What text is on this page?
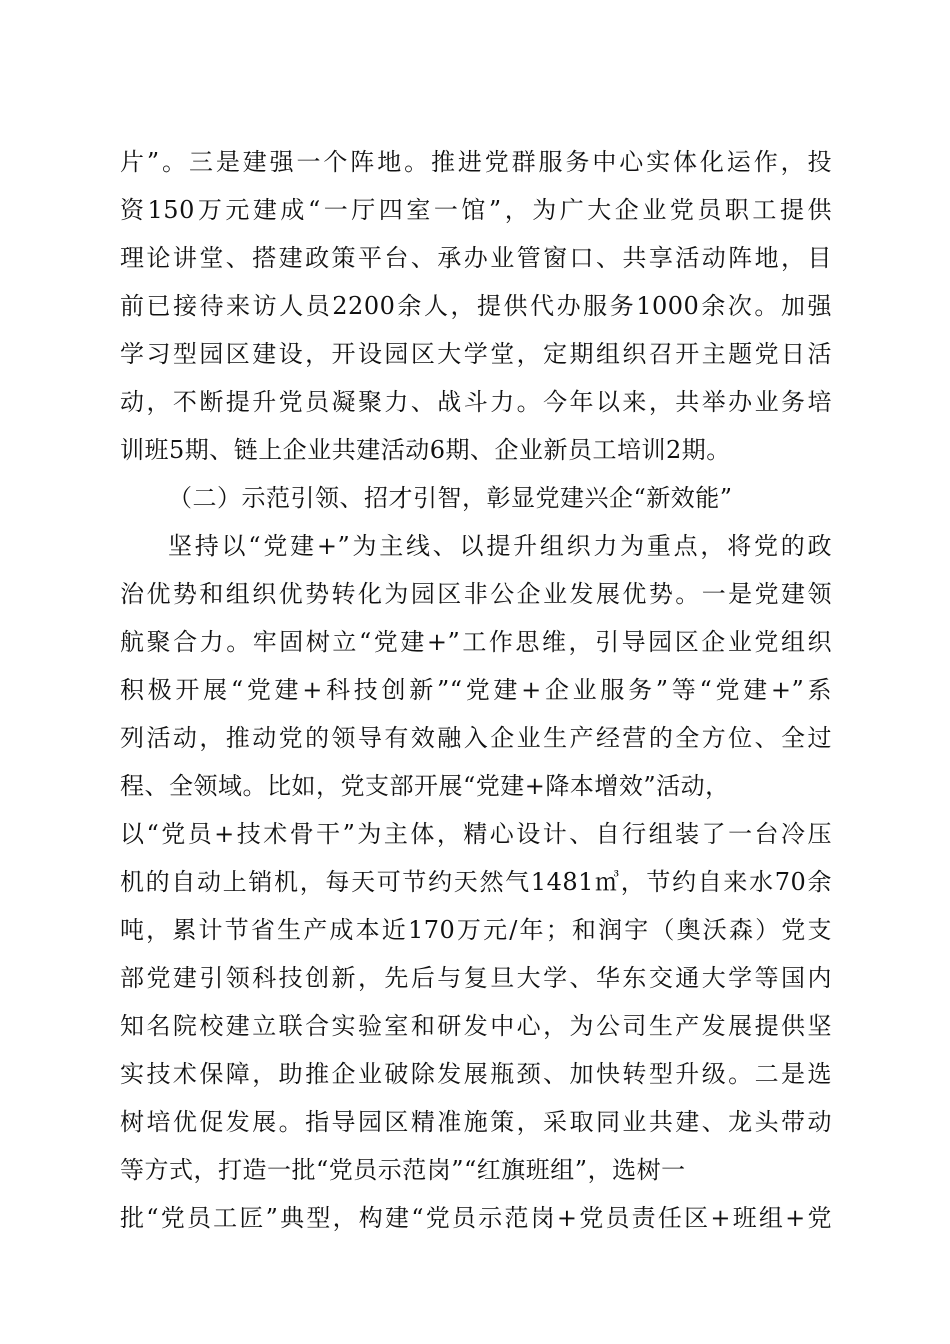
片”。三是建强一个阵地。推进党群服务中心实体化运作，投
资150万元建成“一厅四室一馆”，为广大企业党员职工提供
理论讲堂、搭建政策平台、承办业管窗口、共享活动阵地，目
前已接待来访人员2200余人，提供代办服务1000余次。加强
学习型园区建设，开设园区大学堂，定期组织召开主题党日活
动，不断提升党员凝聚力、战斗力。今年以来，共举办业务培
训班5期、链上企业共建活动6期、企业新员工培训2期。
（二）示范引领、招才引智，彰显党建兴企“新效能”
坚持以“党建+”为主线、以提升组织力为重点，将党的政
治优势和组织优势转化为园区非公企业发展优势。一是党建领
航聚合力。牢固树立“党建+”工作思维，引导园区企业党组织
积极开展“党建+科技创新”“党建+企业服务”等“党建+”系
列活动，推动党的领导有效融入企业生产经营的全方位、全过
程、全领域。比如，党支部开展“党建+降本增效”活动，
以“党员+技术骨干”为主体，精心设计、自行组装了一台冷压
机的自动上销机，每天可节约天然气1481㎥，节约自来水70余
吨，累计节省生产成本近170万元/年；和润宇（奥沃森）党支
部党建引领科技创新，先后与复旦大学、华东交通大学等国内
知名院校建立联合实验室和研发中心，为公司生产发展提供坚
实技术保障，助推企业破除发展瓶颈、加快转型升级。二是选
树培优促发展。指导园区精准施策，采取同业共建、龙头带动
等方式，打造一批“党员示范岗”“红旗班组”，选树一
批“党员工匠”典型，构建“党员示范岗+党员责任区+班组+党
